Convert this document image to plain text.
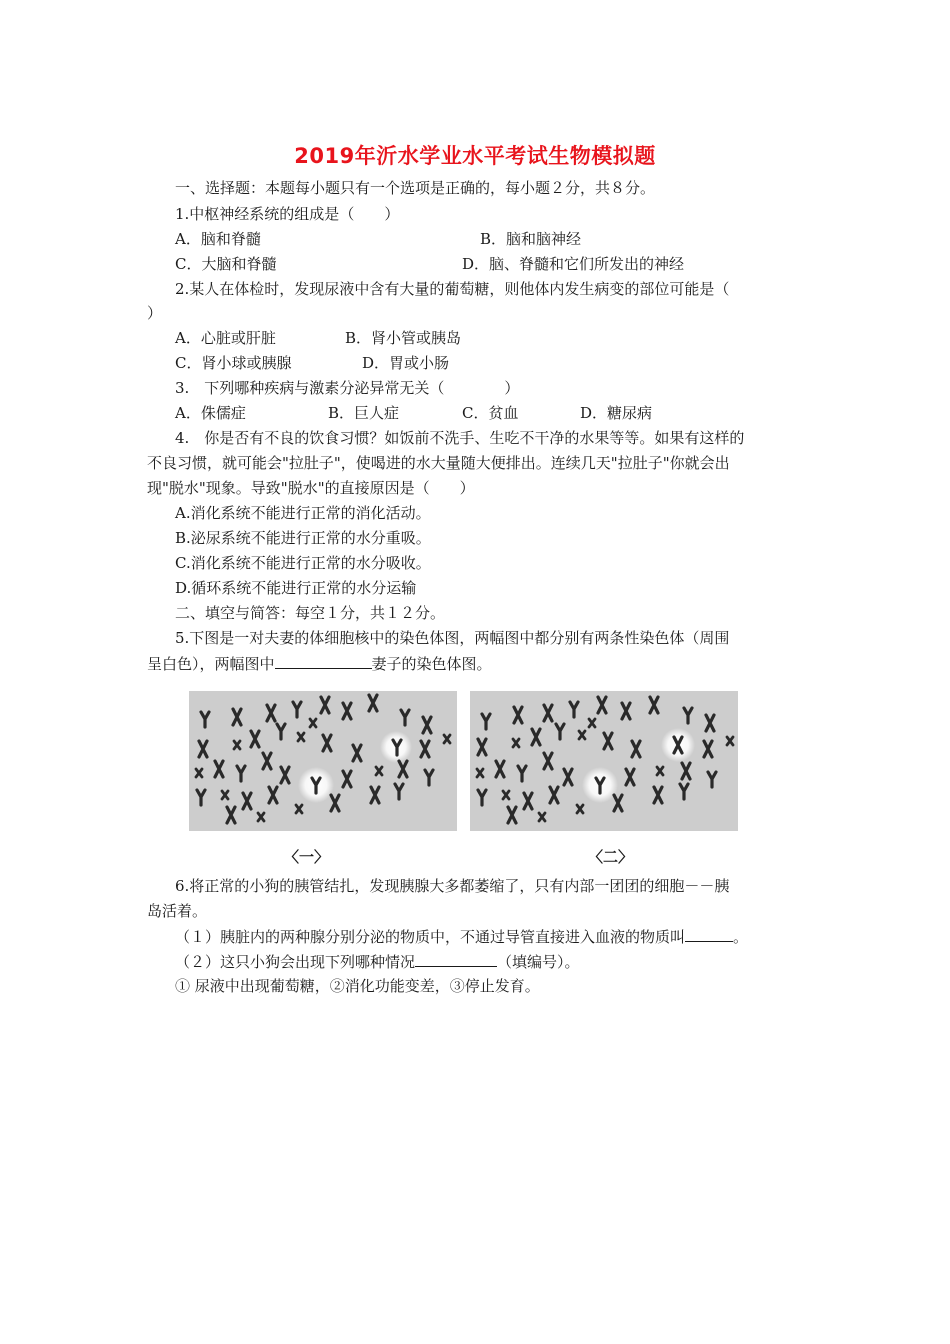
2019年沂水学业水平考试生物模拟题
一、选择题：本题每小题只有一个选项是正确的，每小题２分，共８分。
1.中枢神经系统的组成是（　　）
A．脑和脊髓	B．脑和脑神经
C．大脑和脊髓	D．脑、脊髓和它们所发出的神经
2.某人在体检时，发现尿液中含有大量的葡萄糖，则他体内发生病变的部位可能是（
）
A．心脏或肝脏	B．肾小管或胰岛
C．肾小球或胰腺	D．胃或小肠
3.　下列哪种疾病与激素分泌异常无关（　　　　）
A．侏儒症	B．巨人症	C．贫血	D．糖尿病
4.　你是否有不良的饮食习惯？如饭前不洗手、生吃不干净的水果等等。如果有这样的
不良习惯，就可能会"拉肚子"，使喝进的水大量随大便排出。连续几天"拉肚子"你就会出
现"脱水"现象。导致"脱水"的直接原因是（　　）
A.消化系统不能进行正常的消化活动。
B.泌尿系统不能进行正常的水分重吸。
C.消化系统不能进行正常的水分吸收。
D.循环系统不能进行正常的水分运输
二、填空与简答：每空１分，共１２分。
5.下图是一对夫妻的体细胞核中的染色体图，两幅图中都分别有两条性染色体（周围
呈白色），两幅图中	妻子的染色体图。
〈一〉	〈二〉
6.将正常的小狗的胰管结扎，发现胰腺大多都萎缩了，只有内部一团团的细胞－－胰
岛活着。
（１）胰脏内的两种腺分别分泌的物质中，不通过导管直接进入血液的物质叫	。
（２）这只小狗会出现下列哪种情况	（填编号）。
① 尿液中出现葡萄糖，②消化功能变差，③停止发育。
